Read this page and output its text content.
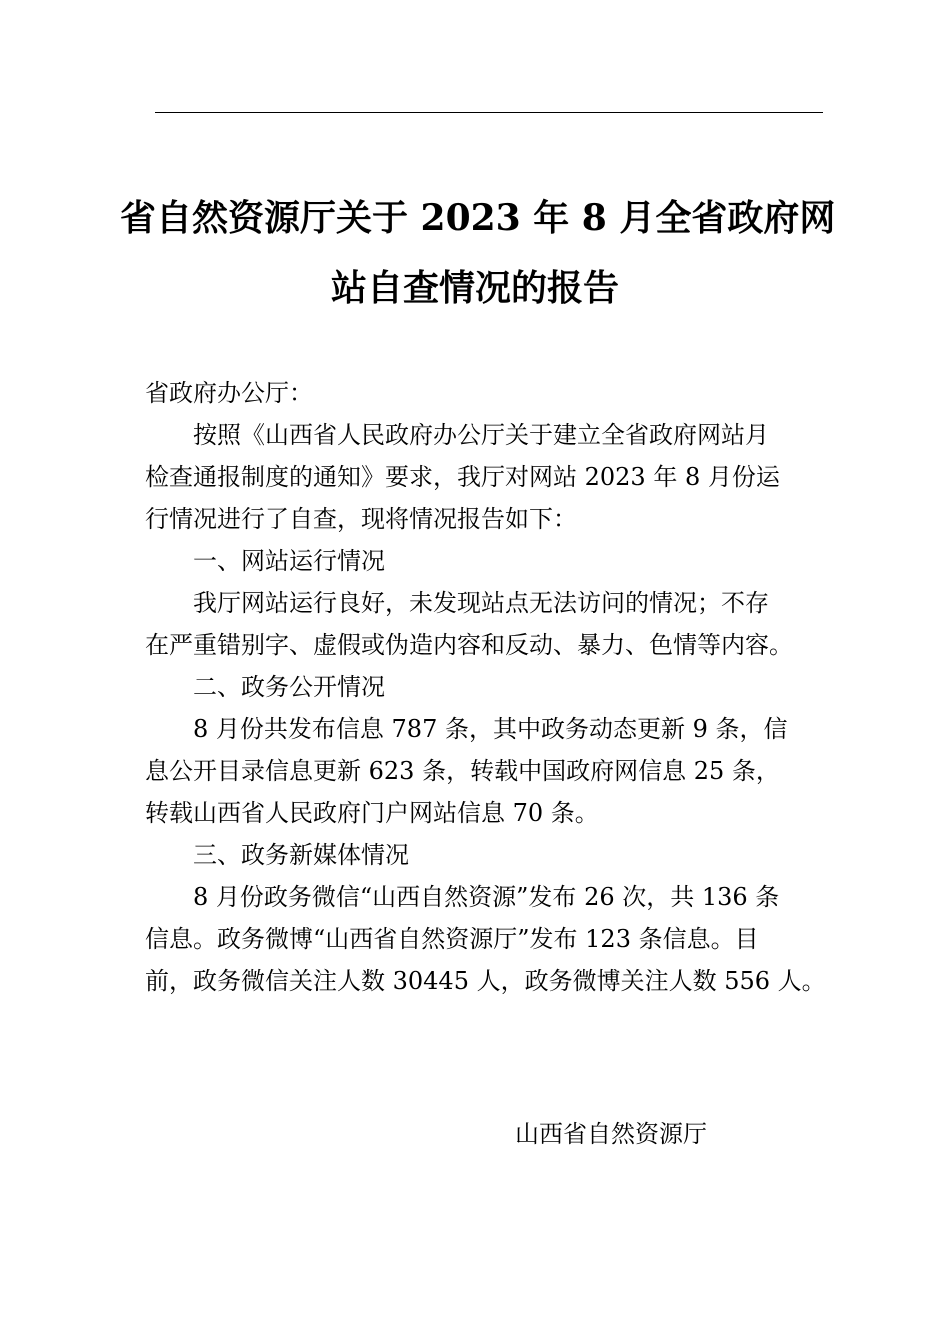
省自然资源厅关于 2023 年 8 月全省政府网
站自查情况的报告
省政府办公厅：
按照《山西省人民政府办公厅关于建立全省政府网站月
检查通报制度的通知》要求，我厅对网站 2023 年 8 月份运
行情况进行了自查，现将情况报告如下：
一、网站运行情况
我厅网站运行良好，未发现站点无法访问的情况；不存
在严重错别字、虚假或伪造内容和反动、暴力、色情等内容。
二、政务公开情况
8 月份共发布信息 787 条，其中政务动态更新 9 条，信
息公开目录信息更新 623 条，转载中国政府网信息 25 条，
转载山西省人民政府门户网站信息 70 条。
三、政务新媒体情况
8 月份政务微信“山西自然资源”发布 26 次，共 136 条
信息。政务微博“山西省自然资源厅”发布 123 条信息。目
前，政务微信关注人数 30445 人，政务微博关注人数 556 人。
山西省自然资源厅
